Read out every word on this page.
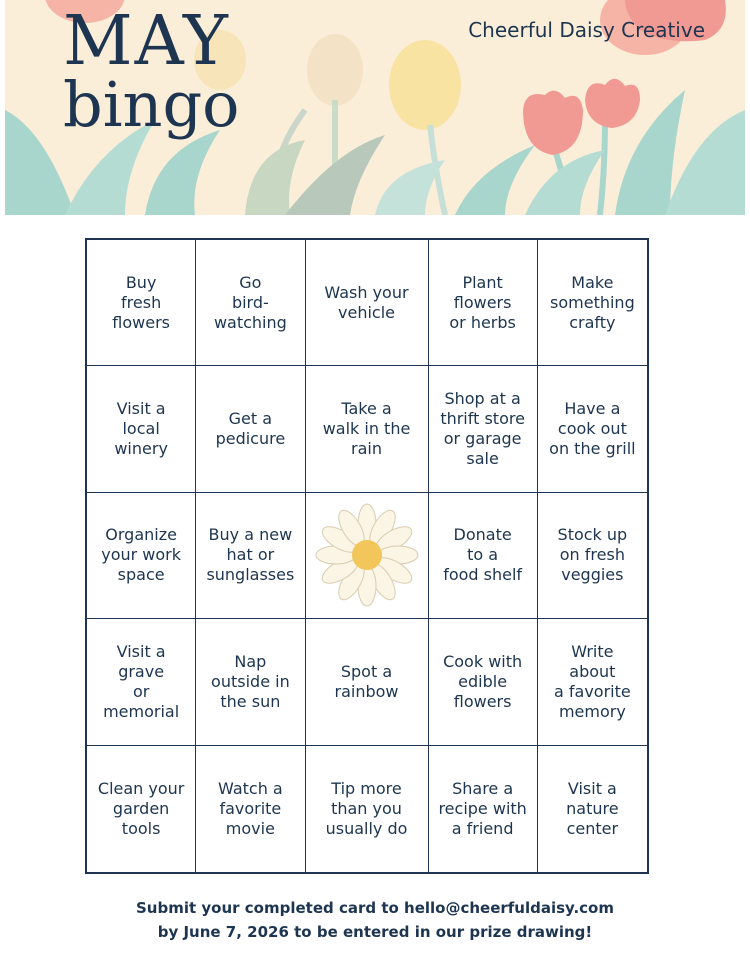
MAY
bingo
Cheerful Daisy Creative
Buy
fresh
flowers
Go
bird-
watching
Wash your
vehicle
Plant
flowers
or herbs
Make
something
crafty
Visit a
local
winery
Get a
pedicure
Take a
walk in the
rain
Shop at a
thrift store
or garage
sale
Have a
cook out
on the grill
Organize
your work
space
Buy a new
hat or
sunglasses
Donate
to a
food shelf
Stock up
on fresh
veggies
Visit a grave
or memorial
Nap
outside in
the sun
Spot a
rainbow
Cook with
edible
flowers
Write about
a favorite
memory
Clean your
garden
tools
Watch a
favorite
movie
Tip more
than you
usually do
Share a
recipe with
a friend
Visit a
nature
center
Submit your completed card to hello@cheerfuldaisy.com
by June 7, 2026 to be entered in our prize drawing!
